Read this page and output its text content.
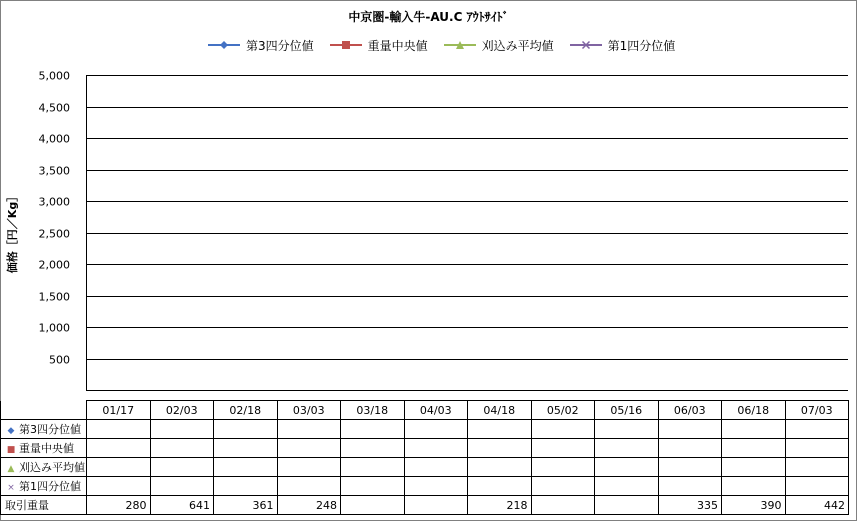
中京圏-輸入牛-AU.C ｱｳﾄｻｲﾄﾞ
第3四分位値	重量中央値	刈込み平均値	第1四分位値
価格［円／Kg］
5,000
4,500
4,000
3,500
3,000
2,500
2,000
1,500
1,000
500
	01/17	02/03	02/18	03/03	03/18	04/03	04/18	05/02	05/16	06/03	06/18	07/03
◆ 第3四分位値												
■ 重量中央値												
▲ 刈込み平均値												
× 第1四分位値												
取引重量	280	641	361	248			218			335	390	442
